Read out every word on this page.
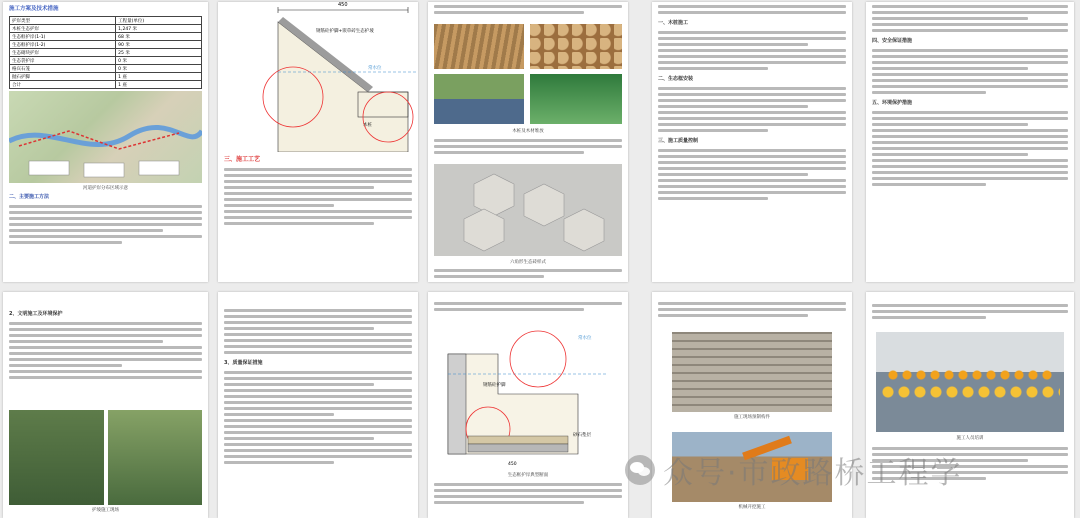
施工方案及技术措施
护岸类型	工程量(单位)
木桩生态护岸	1,247 米
生态框护岸(1-1)	68 米
生态框护岸(1-2)	90 米
生态砌块护岸	25 米
生态袋护岸	0 米
格宾石笼	0 米
抛石护脚	1 座
合计	1 座
河道护岸分布区域示意
二、主要施工方法
450
钢筋砼护脚+嵌草砖生态护坡
常水位
木桩
三、施工工艺
木桩及木材堆放
六角形生态砖样式
一、木桩施工
二、生态框安装
三、施工质量控制
四、安全保证措施
五、环境保护措施
2、文明施工及环境保护
护坡施工现场
3、质量保证措施
常水位
钢筋砼护脚
砂石垫层
450
生态框护岸典型断面
施工现场预制构件
机械开挖施工
施工人员培训
众号·市政路桥工程学
